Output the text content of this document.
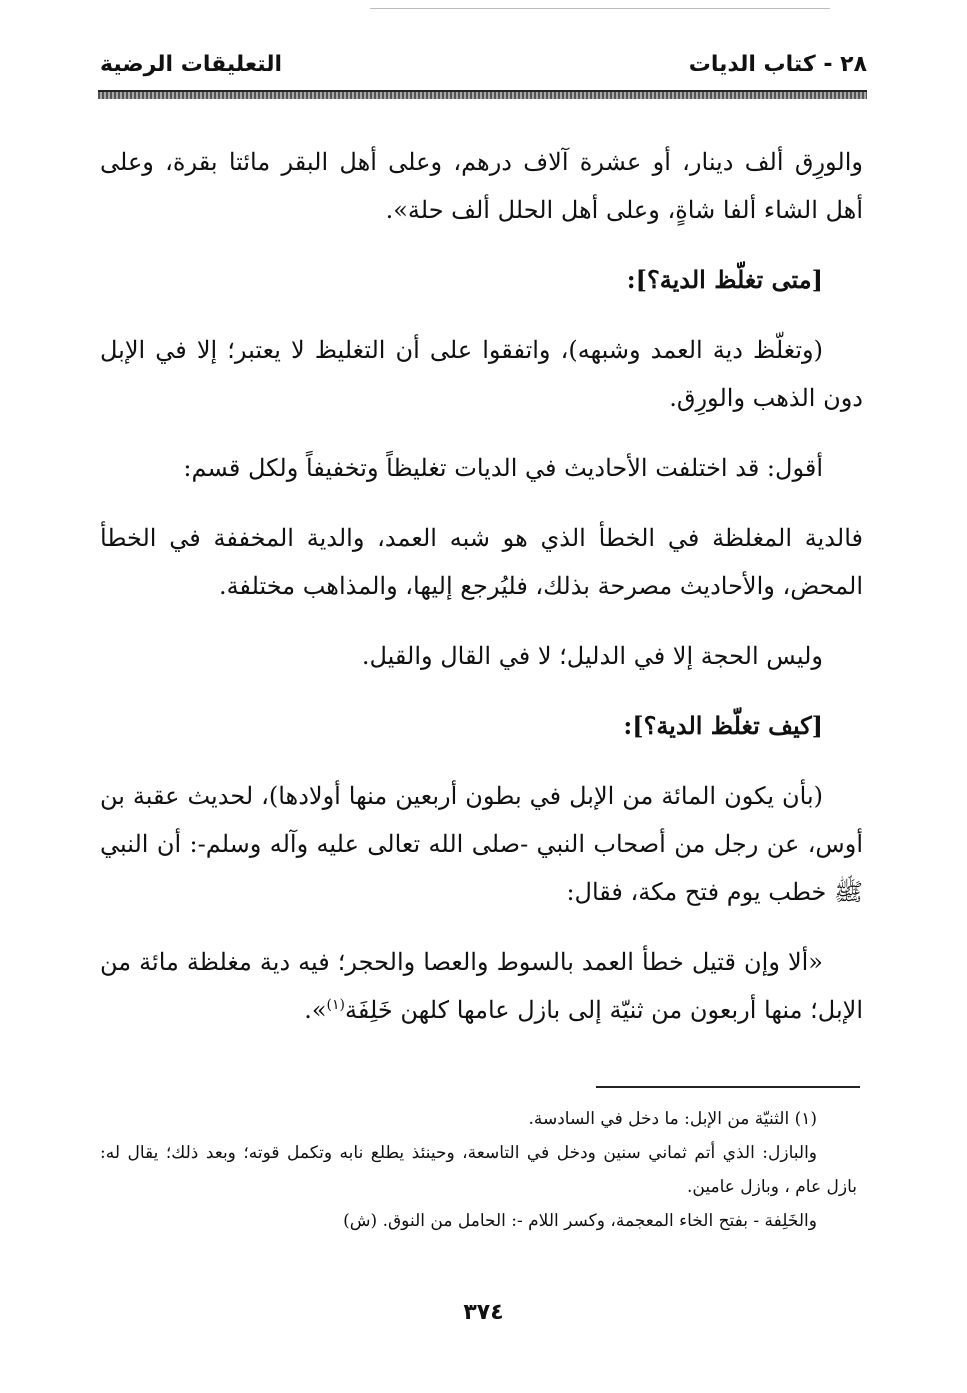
٢٨ - كتاب الديات
التعليقات الرضية

والورِق ألف دينار، أو عشرة آلاف درهم، وعلى أهل البقر مائتا بقرة، وعلى أهل الشاء ألفا شاةٍ، وعلى أهل الحلل ألف حلة».

[متى تغلّظ الدية؟]:

(وتغلّظ دية العمد وشبهه)، واتفقوا على أن التغليظ لا يعتبر؛ إلا في الإبل دون الذهب والورِق.

أقول: قد اختلفت الأحاديث في الديات تغليظاً وتخفيفاً ولكل قسم:

فالدية المغلظة في الخطأ الذي هو شبه العمد، والدية المخففة في الخطأ المحض، والأحاديث مصرحة بذلك، فليُرجع إليها، والمذاهب مختلفة.

وليس الحجة إلا في الدليل؛ لا في القال والقيل.

[كيف تغلّظ الدية؟]:

(بأن يكون المائة من الإبل في بطون أربعين منها أولادها)، لحديث عقبة بن أوس، عن رجل من أصحاب النبي -صلى الله تعالى عليه وآله وسلم-: أن النبي ﷺ خطب يوم فتح مكة، فقال:

«ألا وإن قتيل خطأ العمد بالسوط والعصا والحجر؛ فيه دية مغلظة مائة من الإبل؛ منها أربعون من ثنيّة إلى بازل عامها كلهن خَلِفَة$^{(١)}$».

(١) الثنيّة من الإبل: ما دخل في السادسة.

والبازل: الذي أتم ثماني سنين ودخل في التاسعة، وحينئذ يطلع نابه وتكمل قوته؛ وبعد ذلك؛ يقال له: بازل عام ، وبازل عامين.

والخَلِفة - بفتح الخاء المعجمة، وكسر اللام -: الحامل من النوق. (ش)

٣٧٤
